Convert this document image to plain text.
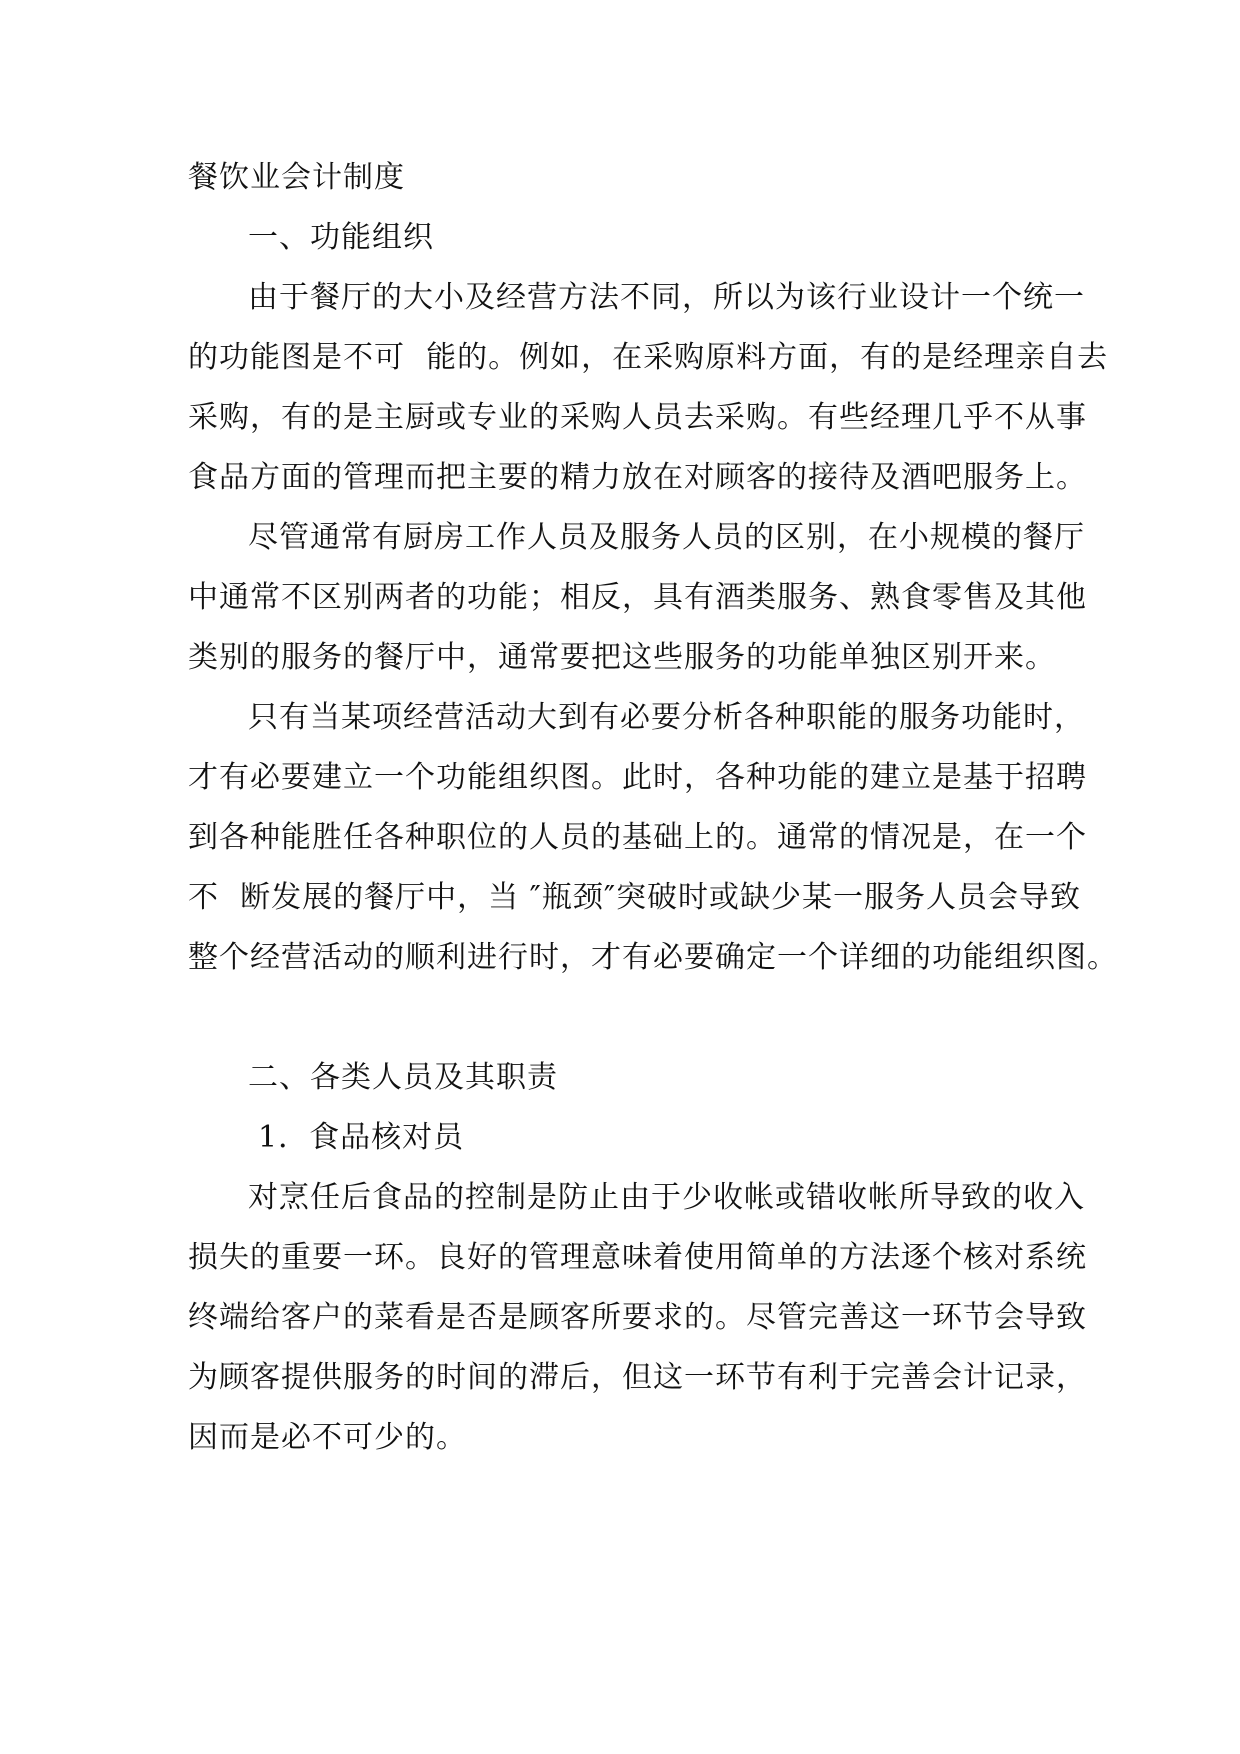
餐饮业会计制度
一、功能组织
由于餐厅的大小及经营方法不同，所以为该行业设计一个统一
的功能图是不可  能的。例如，在采购原料方面，有的是经理亲自去
采购，有的是主厨或专业的采购人员去采购。有些经理几乎不从事
食品方面的管理而把主要的精力放在对顾客的接待及酒吧服务上。
尽管通常有厨房工作人员及服务人员的区别，在小规模的餐厅
中通常不区别两者的功能；相反，具有酒类服务、熟食零售及其他
类别的服务的餐厅中，通常要把这些服务的功能单独区别开来。
只有当某项经营活动大到有必要分析各种职能的服务功能时，
才有必要建立一个功能组织图。此时，各种功能的建立是基于招聘
到各种能胜任各种职位的人员的基础上的。通常的情况是，在一个
不  断发展的餐厅中，当 ″瓶颈″突破时或缺少某一服务人员会导致
整个经营活动的顺利进行时，才有必要确定一个详细的功能组织图。
二、各类人员及其职责
1．食品核对员
对烹任后食品的控制是防止由于少收帐或错收帐所导致的收入
损失的重要一环。良好的管理意味着使用简单的方法逐个核对系统
终端给客户的菜看是否是顾客所要求的。尽管完善这一环节会导致
为顾客提供服务的时间的滞后，但这一环节有利于完善会计记录，
因而是必不可少的。
